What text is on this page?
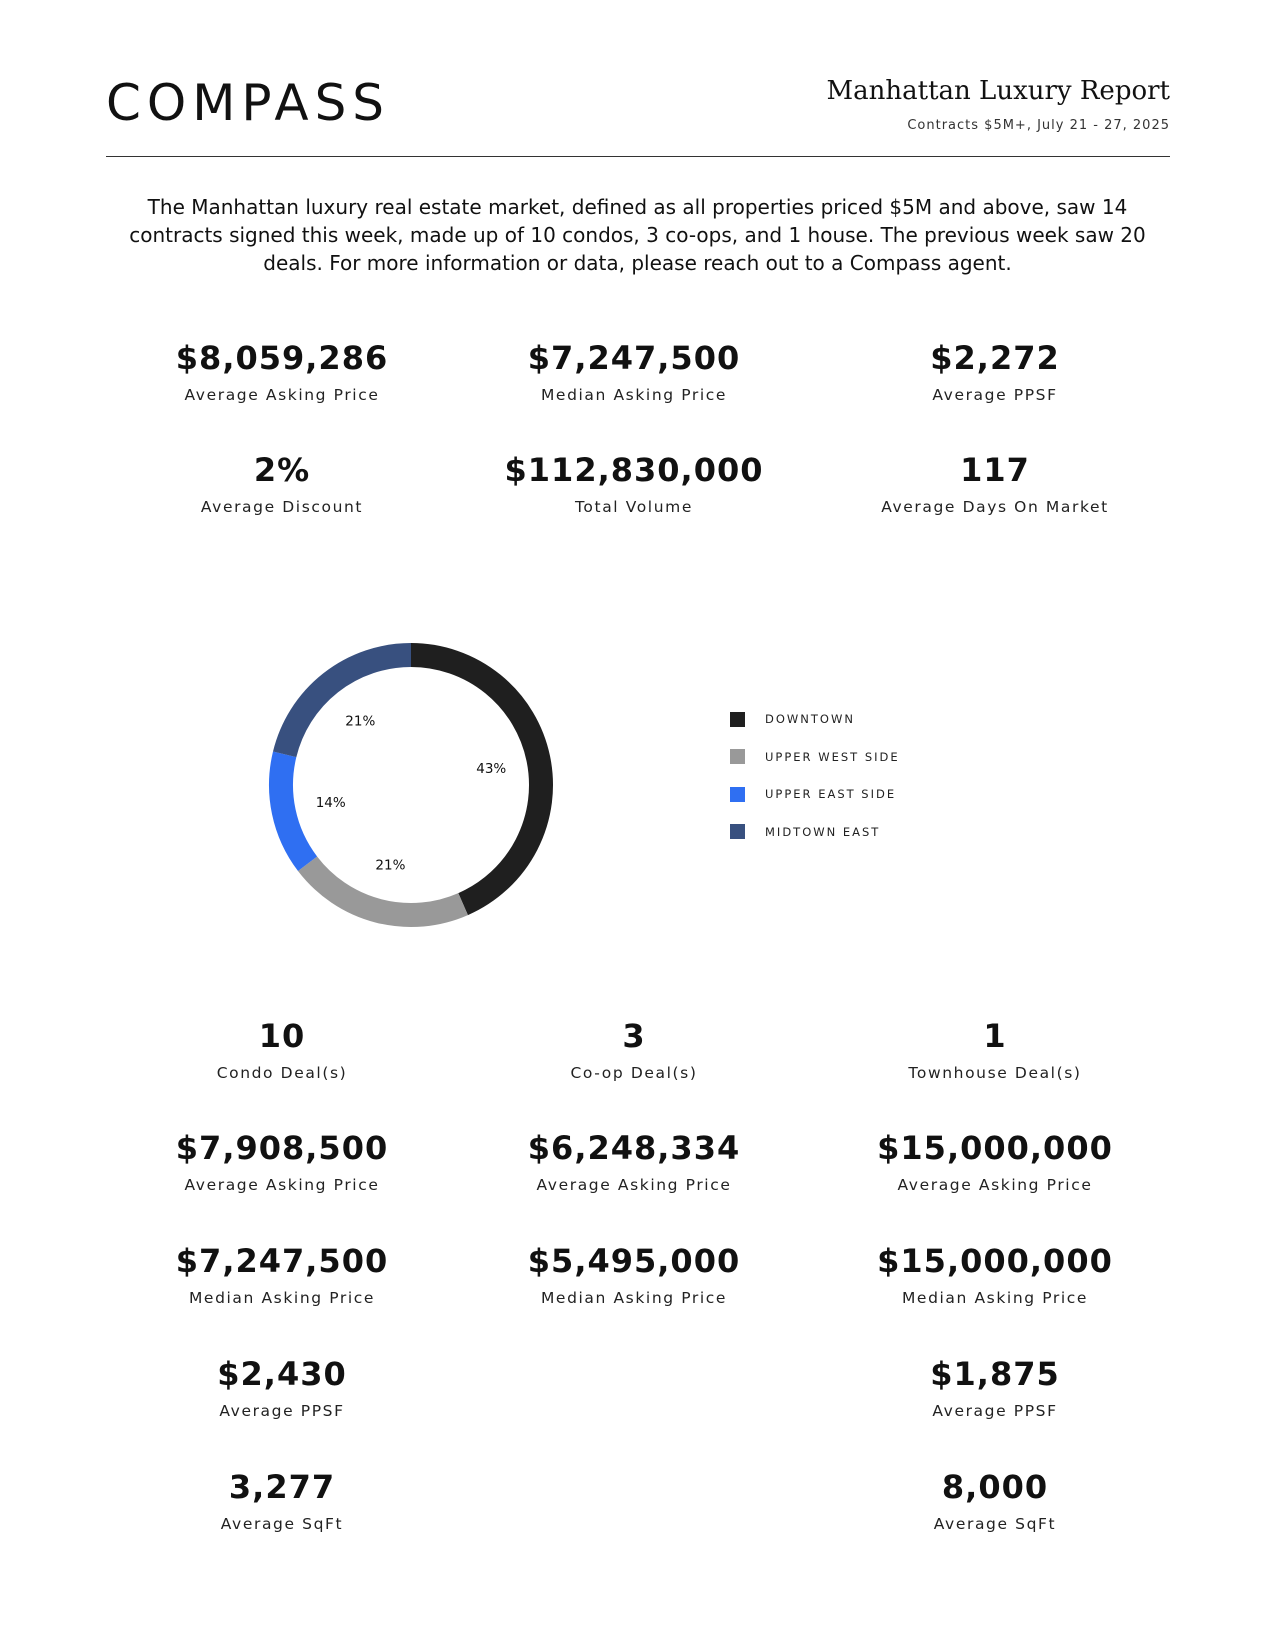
COMPASS	Manhattan Luxury Report
Contracts $5M+, July 21 - 27, 2025
The Manhattan luxury real estate market, defined as all properties priced $5M and above, saw 14 contracts signed this week, made up of 10 condos, 3 co-ops, and 1 house. The previous week saw 20 deals. For more information or data, please reach out to a Compass agent.
$8,059,286
Average Asking Price
$7,247,500
Median Asking Price
$2,272
Average PPSF
2%
Average Discount
$112,830,000
Total Volume
117
Average Days On Market
43%
21%
14%
21%	DOWNTOWN
UPPER WEST SIDE
UPPER EAST SIDE
MIDTOWN EAST
10
Condo Deal(s)
$7,908,500
Average Asking Price
$7,247,500
Median Asking Price
$2,430
Average PPSF
3,277
Average SqFt
3
Co-op Deal(s)
$6,248,334
Average Asking Price
$5,495,000
Median Asking Price
1
Townhouse Deal(s)
$15,000,000
Average Asking Price
$15,000,000
Median Asking Price
$1,875
Average PPSF
8,000
Average SqFt
